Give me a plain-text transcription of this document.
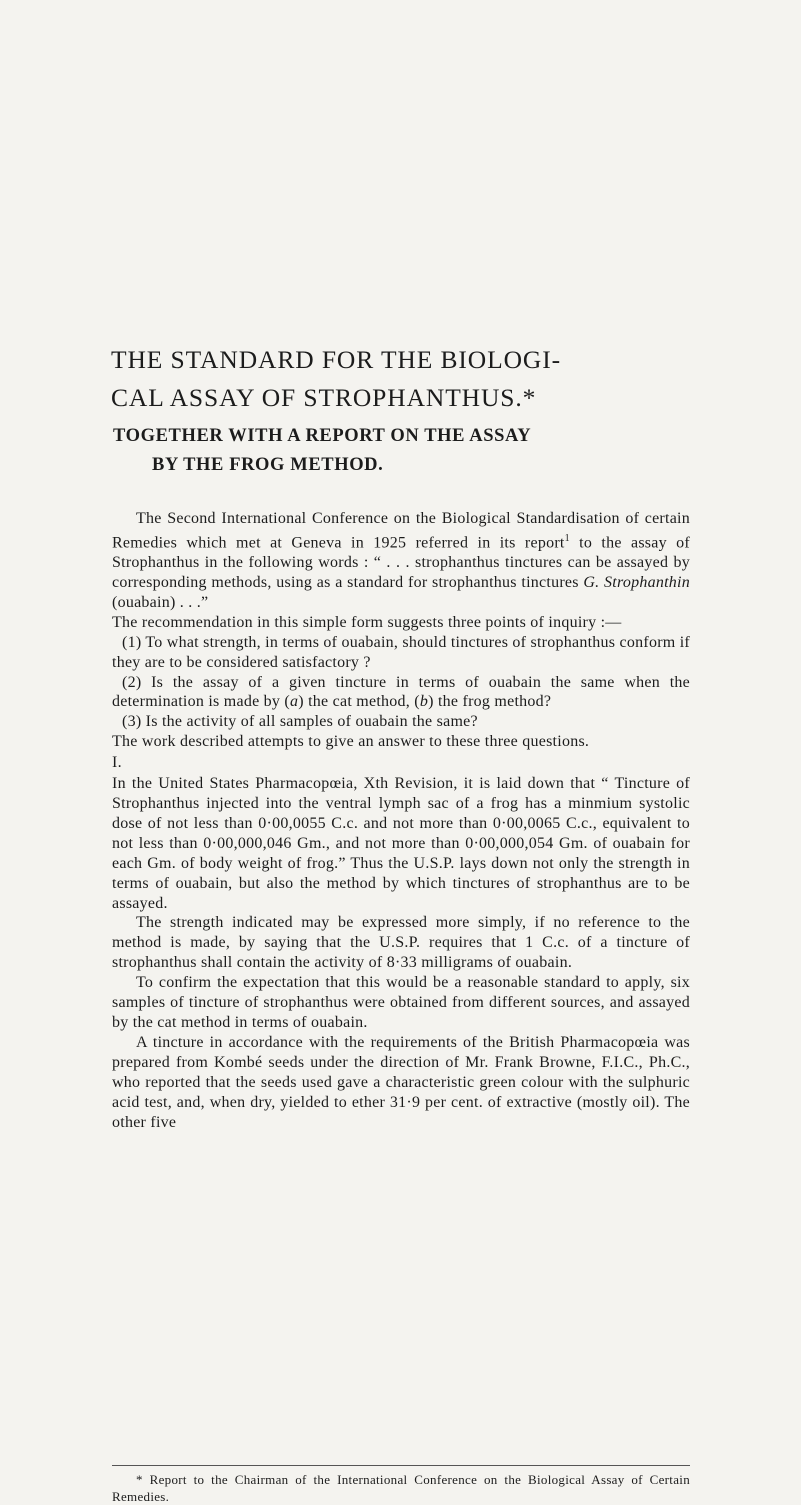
THE STANDARD FOR THE BIOLOGI-
CAL ASSAY OF STROPHANTHUS.*
TOGETHER WITH A REPORT ON THE ASSAY
BY THE FROG METHOD.

The Second International Conference on the Biological Standardisation of certain Remedies which met at Geneva in 1925 referred in its report$^1$ to the assay of Strophanthus in the following words : “ . . . strophanthus tinctures can be assayed by corresponding methods, using as a standard for strophanthus tinctures G. Strophanthin (ouabain) . . .”

The recommendation in this simple form suggests three points of inquiry :—

(1) To what strength, in terms of ouabain, should tinctures of strophanthus conform if they are to be considered satisfactory ?

(2) Is the assay of a given tincture in terms of ouabain the same when the determination is made by (a) the cat method, (b) the frog method?

(3) Is the activity of all samples of ouabain the same?

The work described attempts to give an answer to these three questions.

I.

In the United States Pharmacopœia, Xth Revision, it is laid down that “ Tincture of Strophanthus injected into the ventral lymph sac of a frog has a minmium systolic dose of not less than 0·00,0055 C.c. and not more than 0·00,0065 C.c., equivalent to not less than 0·00,000,046 Gm., and not more than 0·00,000,054 Gm. of ouabain for each Gm. of body weight of frog.” Thus the U.S.P. lays down not only the strength in terms of ouabain, but also the method by which tinctures of strophanthus are to be assayed.

The strength indicated may be expressed more simply, if no reference to the method is made, by saying that the U.S.P. requires that 1 C.c. of a tincture of strophanthus shall contain the activity of 8·33 milligrams of ouabain.

To confirm the expectation that this would be a reasonable standard to apply, six samples of tincture of strophanthus were obtained from different sources, and assayed by the cat method in terms of ouabain.

A tincture in accordance with the requirements of the British Pharmacopœia was prepared from Kombé seeds under the direction of Mr. Frank Browne, F.I.C., Ph.C., who reported that the seeds used gave a characteristic green colour with the sulphuric acid test, and, when dry, yielded to ether 31·9 per cent. of extractive (mostly oil). The other five

* Report to the Chairman of the International Conference on the Biological Assay of Certain Remedies.
